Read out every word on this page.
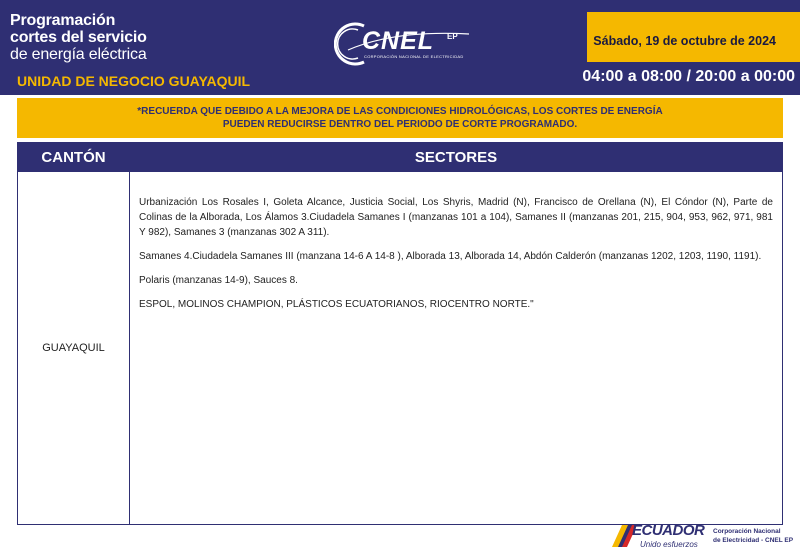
Programación
cortes del servicio
de energía eléctrica
UNIDAD DE NEGOCIO GUAYAQUIL
CNEL EP
CORPORACIÓN NACIONAL DE ELECTRICIDAD
Sábado, 19 de octubre de 2024
04:00 a 08:00 / 20:00 a 00:00
*RECUERDA QUE DEBIDO A LA MEJORA DE LAS CONDICIONES HIDROLÓGICAS, LOS CORTES DE ENERGÍA
PUEDEN REDUCIRSE DENTRO DEL PERIODO DE CORTE PROGRAMADO.
CANTÓN	SECTORES
GUAYAQUIL

Urbanización Los Rosales I, Goleta Alcance, Justicia Social, Los Shyris, Madrid (N), Francisco de Orellana (N), El Cóndor (N), Parte de Colinas de la Alborada, Los Álamos 3.Ciudadela Samanes I (manzanas 101 a 104), Samanes II (manzanas 201, 215, 904, 953, 962, 971, 981 Y 982), Samanes 3 (manzanas 302 A 311).

Samanes 4.Ciudadela Samanes III (manzana 14-6 A 14-8 ), Alborada 13, Alborada 14, Abdón Calderón (manzanas 1202, 1203, 1190, 1191).

Polaris (manzanas 14-9), Sauces 8.

ESPOL, MOLINOS CHAMPION, PLÁSTICOS ECUATORIANOS, RIOCENTRO NORTE."

ECUADOR
Unido esfuerzos
Corporación Nacional
de Electricidad - CNEL EP
